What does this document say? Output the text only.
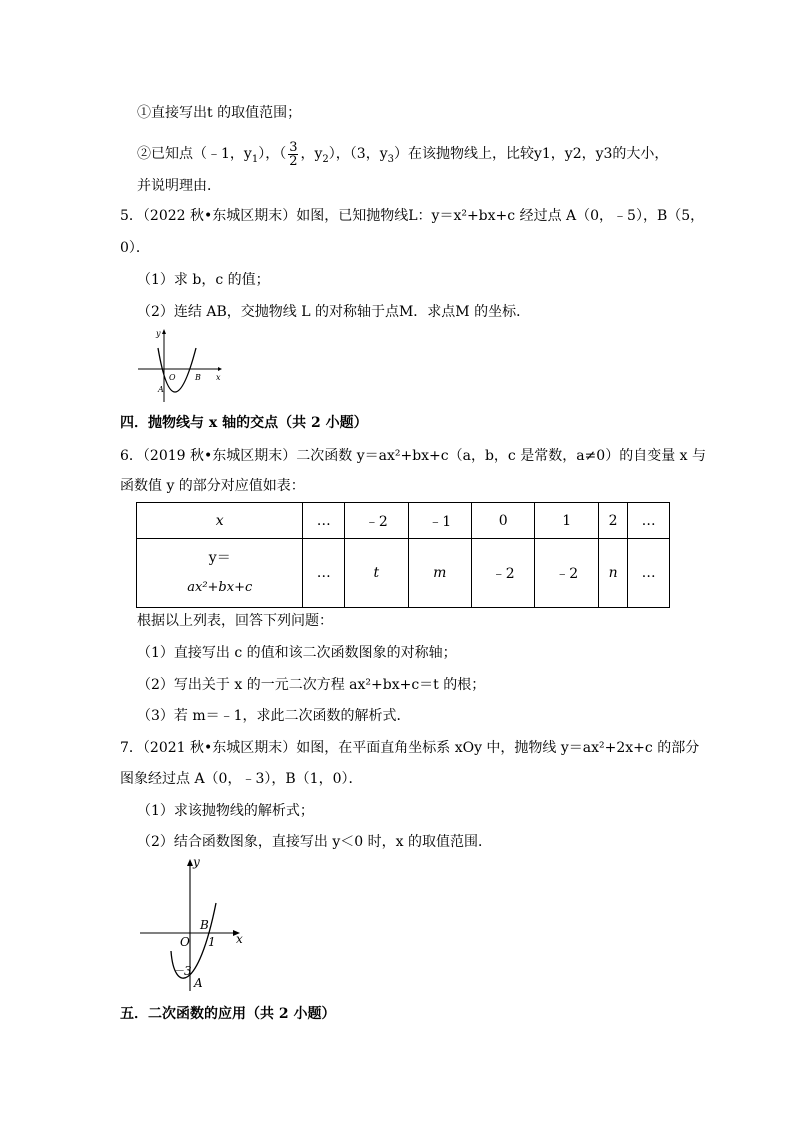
①直接写出t 的取值范围；
②已知点（﹣1，$y_1$），（ $\frac{3}{2}$ ，$y_2$），（3，$y_3$）在该抛物线上，比较y1，y2，y3的大小，
并说明理由．
5．（2022 秋•东城区期末）如图，已知抛物线L：y＝x²+bx+c 经过点 A（0，﹣5），B（5，
0）．
（1）求 b，c 的值；
（2）连结 AB，交抛物线 L 的对称轴于点M．求点M 的坐标．
y
O B x
A
四．抛物线与 x 轴的交点（共 2 小题）
6．（2019 秋•东城区期末）二次函数 y＝ax²+bx+c（a，b，c 是常数，a≠0）的自变量 x 与
函数值 y 的部分对应值如表：
x	…	﹣2	﹣1	0	1	2	…

y＝
ax²+bx+c	…	t	m	﹣2	﹣2	n	…
根据以上列表，回答下列问题：
（1）直接写出 c 的值和该二次函数图象的对称轴；
（2）写出关于 x 的一元二次方程 ax²+bx+c＝t 的根；
（3）若 m＝﹣1，求此二次函数的解析式．
7．（2021 秋•东城区期末）如图，在平面直角坐标系 xOy 中，抛物线 y＝ax²+2x+c 的部分
图象经过点 A（0，﹣3），B（1，0）．
（1）求该抛物线的解析式；
（2）结合函数图象，直接写出 y＜0 时，x 的取值范围．
y
x
O
B
1
－3
A
五．二次函数的应用（共 2 小题）
